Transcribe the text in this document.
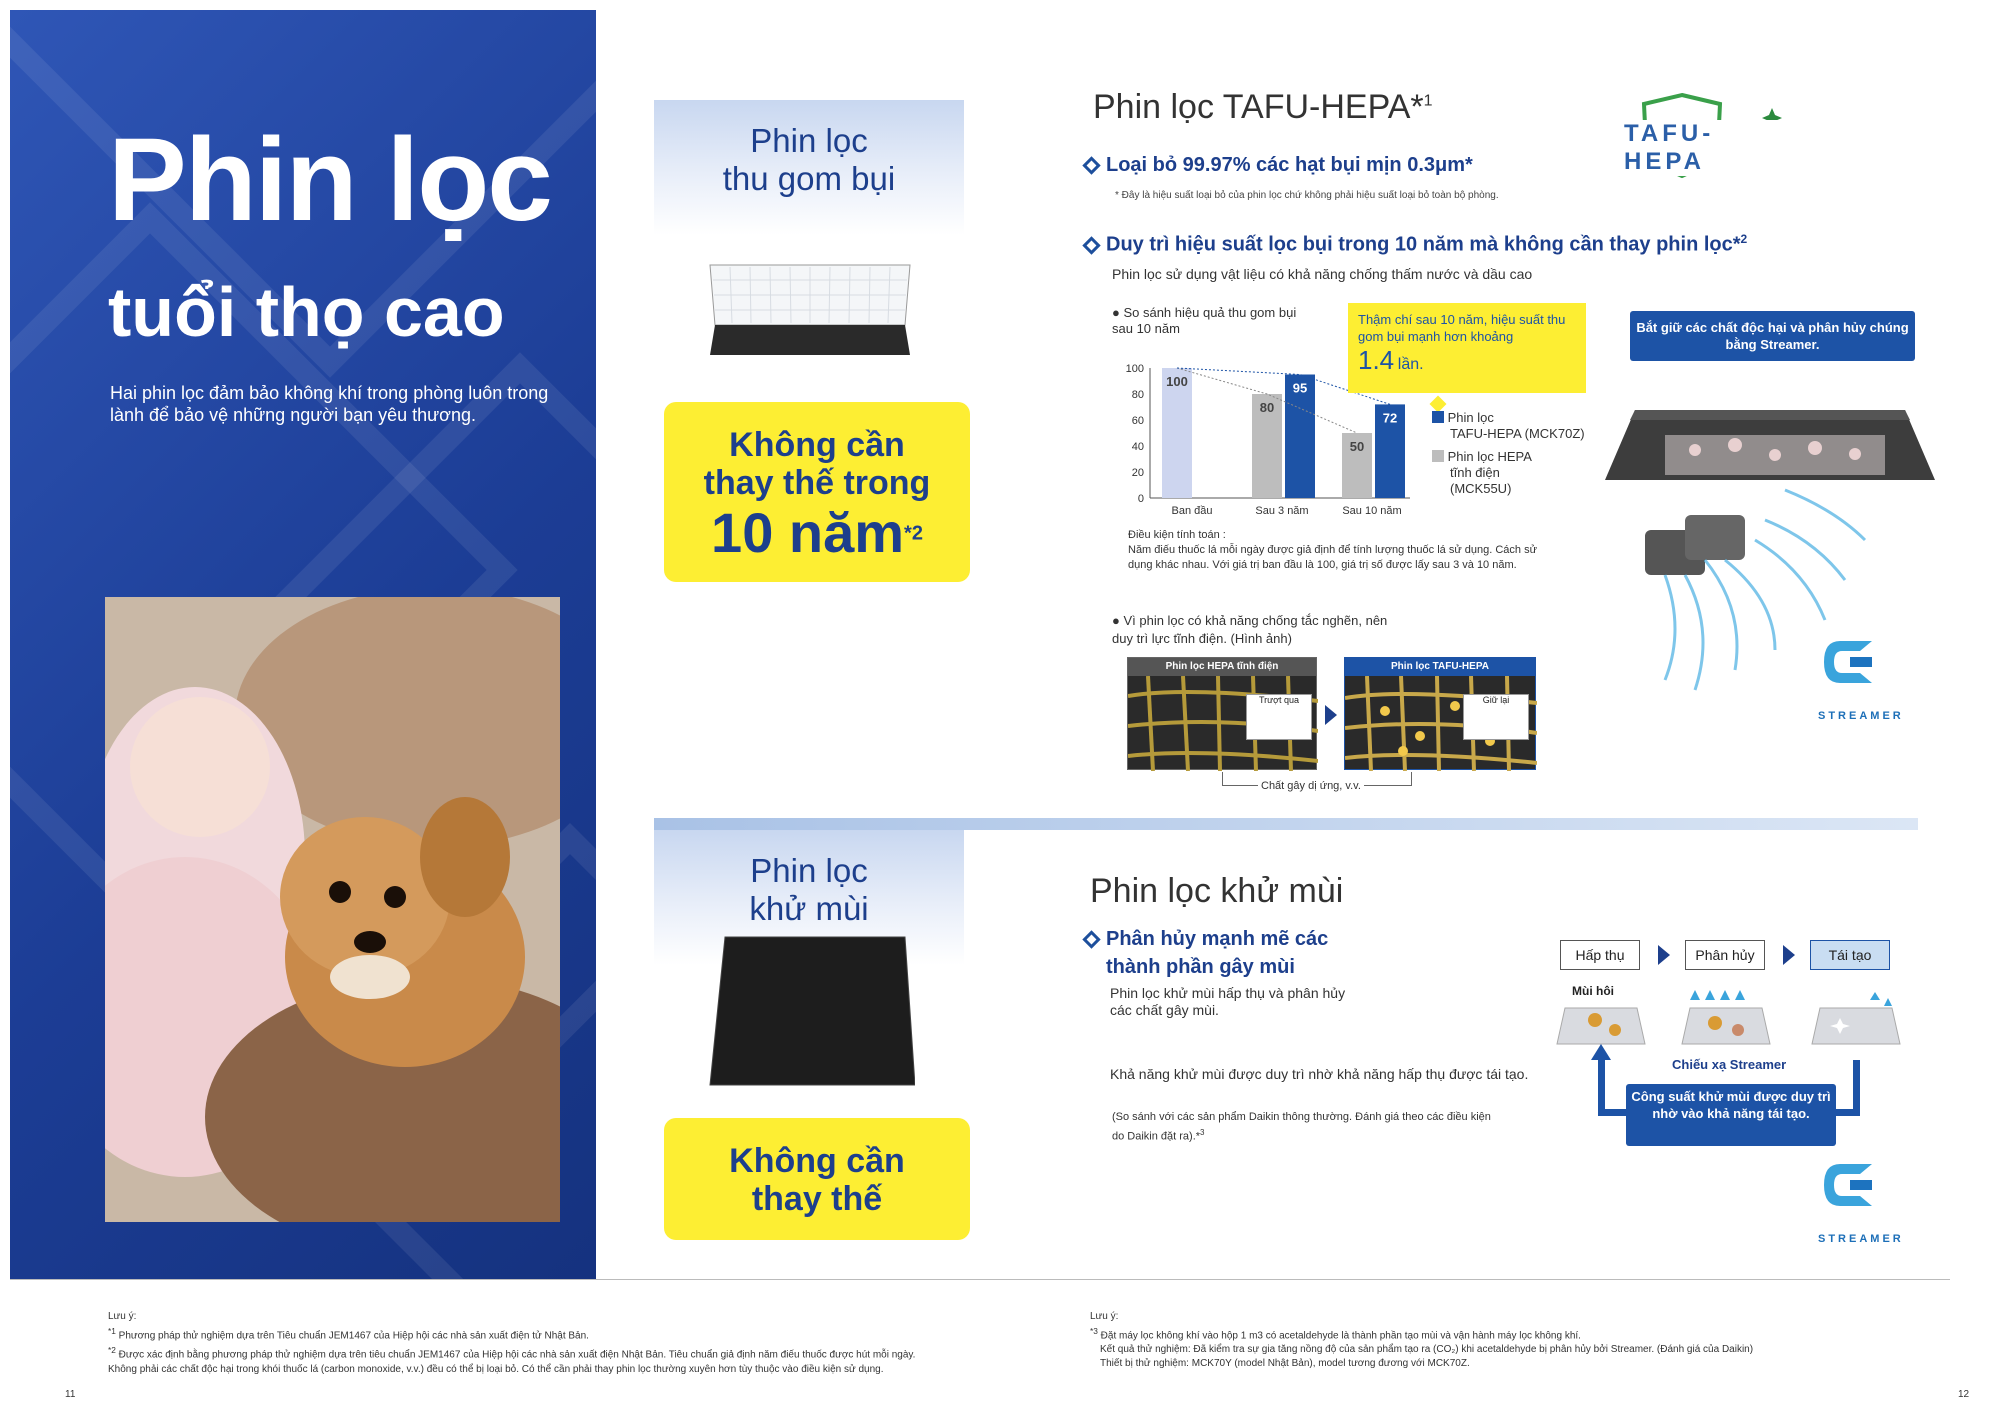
Phin lọc
tuổi thọ cao
Hai phin lọc đảm bảo không khí trong phòng luôn trong lành để bảo vệ những người bạn yêu thương.
Phin lọc
thu gom bụi
Không cần
thay thế trong
10 năm$^{*2}$
Phin lọc
khử mùi
Không cần
thay thế
Phin lọc TAFU-HEPA*$^1$
TAFU-HEPA
Loại bỏ 99.97% các hạt bụi mịn 0.3μm*
* Đây là hiệu suất loại bỏ của phin lọc chứ không phải hiệu suất loại bỏ toàn bộ phòng.
Duy trì hiệu suất lọc bụi trong 10 năm mà không cần thay phin lọc*$^2$
Phin lọc sử dụng vật liệu có khả năng chống thấm nước và dầu cao
● So sánh hiệu quả thu gom bụi sau 10 năm
0
20
40
60
80
100
100
Ban đầu
80
95
Sau 3 năm
50
72
Sau 10 năm
Thậm chí sau 10 năm, hiệu suất thu gom bụi mạnh hơn khoảng
1.4 lần.
Phin lọc
TAFU-HEPA (MCK70Z)
Phin lọc HEPA
tĩnh điện
(MCK55U)
Điều kiện tính toán :
Năm điếu thuốc lá mỗi ngày được giả định để tính lượng thuốc lá sử dụng. Cách sử dụng khác nhau. Với giá trị ban đầu là 100, giá trị số được lấy sau 3 và 10 năm.
● Vì phin lọc có khả năng chống tắc nghẽn, nên duy trì lực tĩnh điện. (Hình ảnh)
Phin lọc HEPA tĩnh điện
Trượt qua
Phin lọc TAFU-HEPA
Giữ lại
Chất gây dị ứng, v.v.
Bắt giữ các chất độc hại và phân hủy chúng bằng Streamer.
STREAMER
Phin lọc khử mùi
Phân hủy mạnh mẽ các
thành phần gây mùi
Phin lọc khử mùi hấp thụ và phân hủy các chất gây mùi.
Khả năng khử mùi được duy trì nhờ khả năng hấp thụ được tái tạo.
(So sánh với các sản phẩm Daikin thông thường. Đánh giá theo các điều kiện do Daikin đặt ra).*$^3$
Hấp thụ	Phân hủy	Tái tạo
Mùi hôi
Chiếu xạ Streamer
Công suất khử mùi được duy trì nhờ vào khả năng tái tạo.
STREAMER
Lưu ý:
$^{*1}$ Phương pháp thử nghiệm dựa trên Tiêu chuẩn JEM1467 của Hiệp hội các nhà sản xuất điện tử Nhật Bản.
$^{*2}$ Được xác định bằng phương pháp thử nghiệm dựa trên tiêu chuẩn JEM1467 của Hiệp hội các nhà sản xuất điện Nhật Bản. Tiêu chuẩn giả định năm điếu thuốc được hút mỗi ngày. Không phải các chất độc hại trong khói thuốc lá (carbon monoxide, v.v.) đều có thể bị loại bỏ. Có thể cần phải thay phin lọc thường xuyên hơn tùy thuộc vào điều kiện sử dụng.
11
Lưu ý:
$^{*3}$ Đặt máy lọc không khí vào hộp 1 m3 có acetaldehyde là thành phần tạo mùi và vận hành máy lọc không khí.
Kết quả thử nghiệm: Đã kiểm tra sự gia tăng nồng độ của sản phẩm tạo ra (CO₂) khi acetaldehyde bị phân hủy bởi Streamer. (Đánh giá của Daikin)
Thiết bị thử nghiệm: MCK70Y (model Nhật Bản), model tương đương với MCK70Z.
12
